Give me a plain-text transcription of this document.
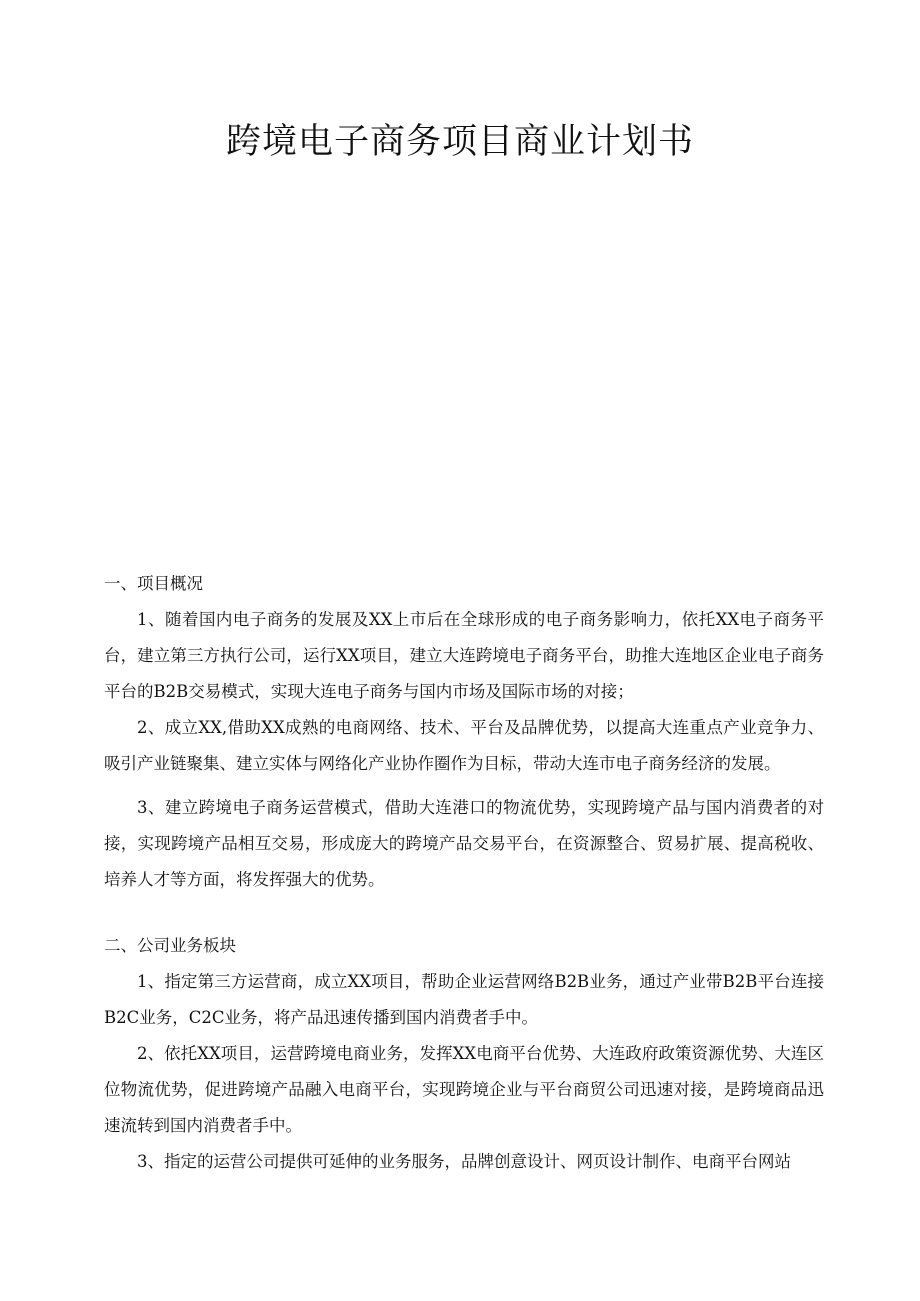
跨境电子商务项目商业计划书
一、项目概况

1、随着国内电子商务的发展及XX上市后在全球形成的电子商务影响力，依托XX电子商务平台，建立第三方执行公司，运行XX项目，建立大连跨境电子商务平台，助推大连地区企业电子商务平台的B2B交易模式，实现大连电子商务与国内市场及国际市场的对接；

2、成立XX,借助XX成熟的电商网络、技术、平台及品牌优势，以提高大连重点产业竞争力、吸引产业链聚集、建立实体与网络化产业协作圈作为目标，带动大连市电子商务经济的发展。

3、建立跨境电子商务运营模式，借助大连港口的物流优势，实现跨境产品与国内消费者的对接，实现跨境产品相互交易，形成庞大的跨境产品交易平台，在资源整合、贸易扩展、提高税收、培养人才等方面，将发挥强大的优势。

二、公司业务板块

1、指定第三方运营商，成立XX项目，帮助企业运营网络B2B业务，通过产业带B2B平台连接B2C业务，C2C业务，将产品迅速传播到国内消费者手中。

2、依托XX项目，运营跨境电商业务，发挥XX电商平台优势、大连政府政策资源优势、大连区位物流优势，促进跨境产品融入电商平台，实现跨境企业与平台商贸公司迅速对接，是跨境商品迅速流转到国内消费者手中。

3、指定的运营公司提供可延伸的业务服务，品牌创意设计、网页设计制作、电商平台网站
